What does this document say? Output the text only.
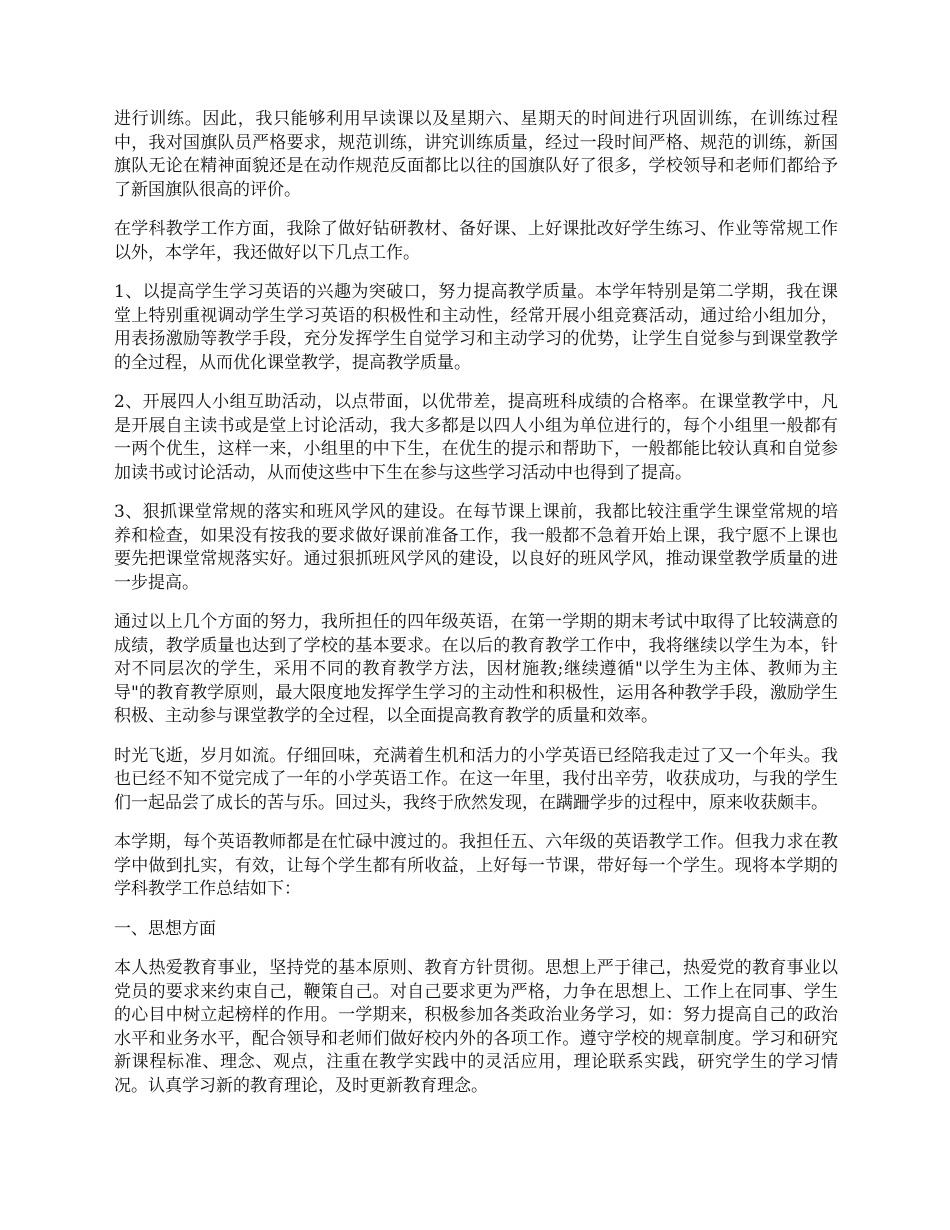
进行训练。因此，我只能够利用早读课以及星期六、星期天的时间进行巩固训练，在训练过程中，我对国旗队员严格要求，规范训练，讲究训练质量，经过一段时间严格、规范的训练，新国旗队无论在精神面貌还是在动作规范反面都比以往的国旗队好了很多，学校领导和老师们都给予了新国旗队很高的评价。

在学科教学工作方面，我除了做好钻研教材、备好课、上好课批改好学生练习、作业等常规工作以外，本学年，我还做好以下几点工作。

1、以提高学生学习英语的兴趣为突破口，努力提高教学质量。本学年特别是第二学期，我在课堂上特别重视调动学生学习英语的积极性和主动性，经常开展小组竞赛活动，通过给小组加分，用表扬激励等教学手段，充分发挥学生自觉学习和主动学习的优势，让学生自觉参与到课堂教学的全过程，从而优化课堂教学，提高教学质量。

2、开展四人小组互助活动，以点带面，以优带差，提高班科成绩的合格率。在课堂教学中，凡是开展自主读书或是堂上讨论活动，我大多都是以四人小组为单位进行的，每个小组里一般都有一两个优生，这样一来，小组里的中下生，在优生的提示和帮助下，一般都能比较认真和自觉参加读书或讨论活动，从而使这些中下生在参与这些学习活动中也得到了提高。

3、狠抓课堂常规的落实和班风学风的建设。在每节课上课前，我都比较注重学生课堂常规的培养和检查，如果没有按我的要求做好课前准备工作，我一般都不急着开始上课，我宁愿不上课也要先把课堂常规落实好。通过狠抓班风学风的建设，以良好的班风学风，推动课堂教学质量的进一步提高。

通过以上几个方面的努力，我所担任的四年级英语，在第一学期的期末考试中取得了比较满意的成绩，教学质量也达到了学校的基本要求。在以后的教育教学工作中，我将继续以学生为本，针对不同层次的学生，采用不同的教育教学方法，因材施教;继续遵循"以学生为主体、教师为主导"的教育教学原则，最大限度地发挥学生学习的主动性和积极性，运用各种教学手段，激励学生积极、主动参与课堂教学的全过程，以全面提高教育教学的质量和效率。

时光飞逝，岁月如流。仔细回味，充满着生机和活力的小学英语已经陪我走过了又一个年头。我也已经不知不觉完成了一年的小学英语工作。在这一年里，我付出辛劳，收获成功，与我的学生们一起品尝了成长的苦与乐。回过头，我终于欣然发现，在蹒跚学步的过程中，原来收获颇丰。

本学期，每个英语教师都是在忙碌中渡过的。我担任五、六年级的英语教学工作。但我力求在教学中做到扎实，有效，让每个学生都有所收益，上好每一节课，带好每一个学生。现将本学期的学科教学工作总结如下：

一、思想方面

本人热爱教育事业，坚持党的基本原则、教育方针贯彻。思想上严于律己，热爱党的教育事业以党员的要求来约束自己，鞭策自己。对自己要求更为严格，力争在思想上、工作上在同事、学生的心目中树立起榜样的作用。一学期来，积极参加各类政治业务学习，如：努力提高自己的政治水平和业务水平，配合领导和老师们做好校内外的各项工作。遵守学校的规章制度。学习和研究新课程标准、理念、观点，注重在教学实践中的灵活应用，理论联系实践，研究学生的学习情况。认真学习新的教育理论，及时更新教育理念。
